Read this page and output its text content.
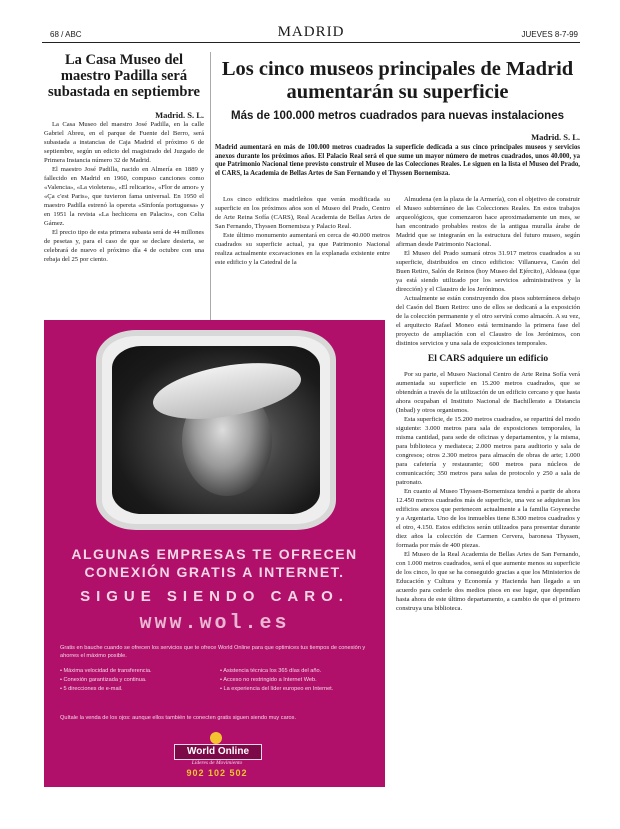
68 / ABC	MADRID	JUEVES 8-7-99
La Casa Museo del maestro Padilla será subastada en septiembre
Madrid. S. L.

La Casa Museo del maestro José Padilla, en la calle Gabriel Abreu, en el parque de Fuente del Berro, será subastada a instancias de Caja Madrid el próximo 6 de septiembre, según un edicto del magistrado del Juzgado de Primera Instancia número 32 de Madrid.

El maestro José Padilla, nacido en Almería en 1889 y fallecido en Madrid en 1960, compuso canciones como «Valencia», «La violetera», «El relicario», «Flor de amor» y «Ça c'est Paris», que tuvieron fama universal. En 1950 el maestro Padilla estrenó la opereta «Sinfonía portuguesa» y en 1951 la revista «La hechicera en Palacio», con Celia Gámez.

El precio tipo de esta primera subasta será de 44 millones de pesetas y, para el caso de que se declare desierta, se celebrará de nuevo el próximo día 4 de octubre con una rebaja del 25 por ciento.

Los cinco museos principales de Madrid aumentarán su superficie
Más de 100.000 metros cuadrados para nuevas instalaciones
Madrid. S. L.

Madrid aumentará en más de 100.000 metros cuadrados la superficie dedicada a sus cinco principales museos y servicios anexos durante los próximos años. El Palacio Real será el que sume un mayor número de metros cuadrados, unos 40.000, ya que Patrimonio Nacional tiene previsto construir el Museo de las Colecciones Reales. Le siguen en la lista el Museo del Prado, el CARS, la Academia de Bellas Artes de San Fernando y el Thyssen Bornemisza.

Los cinco edificios madrileños que verán modificada su superficie en los próximos años son el Museo del Prado, Centro de Arte Reina Sofía (CARS), Real Academia de Bellas Artes de San Fernando, Thyssen Bornemisza y Palacio Real.

Este último monumento aumentará en cerca de 40.000 metros cuadrados su superficie actual, ya que Patrimonio Nacional realiza actualmente excavaciones en la explanada existente entre este edificio y la Catedral de la

Almudena (en la plaza de la Armería), con el objetivo de construir el Museo subterráneo de las Colecciones Reales. En estos trabajos arqueológicos, que comenzaron hace aproximadamente un mes, se han encontrado probables restos de la antigua muralla árabe de Madrid que se integrarán en la estructura del futuro museo, según afirman desde Patrimonio Nacional.

El Museo del Prado sumará otros 31.917 metros cuadrados a su superficie, distribuidos en cinco edificios: Villanueva, Casón del Buen Retiro, Salón de Reinos (hoy Museo del Ejército), Aldeasa (que ya está siendo utilizado por los servicios administrativos y la dirección) y el Claustro de los Jerónimos.

Actualmente se están construyendo dos pisos subterráneos debajo del Casón del Buen Retiro: uno de ellos se dedicará a la exposición de la colección permanente y el otro servirá como almacén. A su vez, el arquitecto Rafael Moneo está terminando la primera fase del proyecto de ampliación con el Claustro de los Jerónimos, con distintos servicios y una sala de exposiciones temporales.

El CARS adquiere un edificio

Por su parte, el Museo Nacional Centro de Arte Reina Sofía verá aumentada su superficie en 15.200 metros cuadrados, que se obtendrán a través de la utilización de un edificio cercano y que hasta ahora ocupaban el Instituto Nacional de Bachillerato a Distancia (Inbad) y otros organismos.

Esta superficie, de 15.200 metros cuadrados, se repartirá del modo siguiente: 3.000 metros para sala de exposiciones temporales, la misma cantidad, para sede de oficinas y departamentos, y la misma, para biblioteca y mediateca; 2.000 metros para auditorio y sala de congresos; otros 2.300 metros para almacén de obras de arte; 1.000 para cafetería y restaurante; 600 metros para núcleos de comunicación; 350 metros para salas de protocolo y 250 a sala de patronato.

En cuanto al Museo Thyssen-Bornemisza tendrá a partir de ahora 12.450 metros cuadrados más de superficie, una vez se adquieran los edificios anexos que pertenecen actualmente a la familia Goyeneche y a Argentaria. Uno de los inmuebles tiene 8.300 metros cuadrados y el otro, 4.150. Estos edificios serán utilizados para presentar durante diez años la colección de Carmen Cervera, baronesa Thyssen, formada por más de 400 piezas.

El Museo de la Real Academia de Bellas Artes de San Fernando, con 1.000 metros cuadrados, será el que aumente menos su superficie de los cinco, lo que se ha conseguido gracias a que los Ministerios de Educación y Cultura y Economía y Hacienda han llegado a un acuerdo para cederle dos medios pisos en ese lugar, que dependían hasta ahora de este último departamento, a cambio de que el primero construya una biblioteca.

ALGUNAS EMPRESAS TE OFRECEN
CONEXIÓN GRATIS A INTERNET.
SIGUE SIENDO CARO.
www.wol.es
Gratis en bauche cuando se ofrecen los servicios que te ofrece World Online para que optimices tus tiempos de conexión y ahorres el máximo posible.
• Máxima velocidad de transferencia.
• Conexión garantizada y continua.
• 5 direcciones de e-mail.
• Asistencia técnica los 365 días del año.
• Acceso no restringido a Internet Web.
• La experiencia del líder europeo en Internet.
Quítale la venda de los ojos: aunque ellos también te conecten gratis siguen siendo muy caros.
World Online
Líderes de Movimiento
902 102 502
